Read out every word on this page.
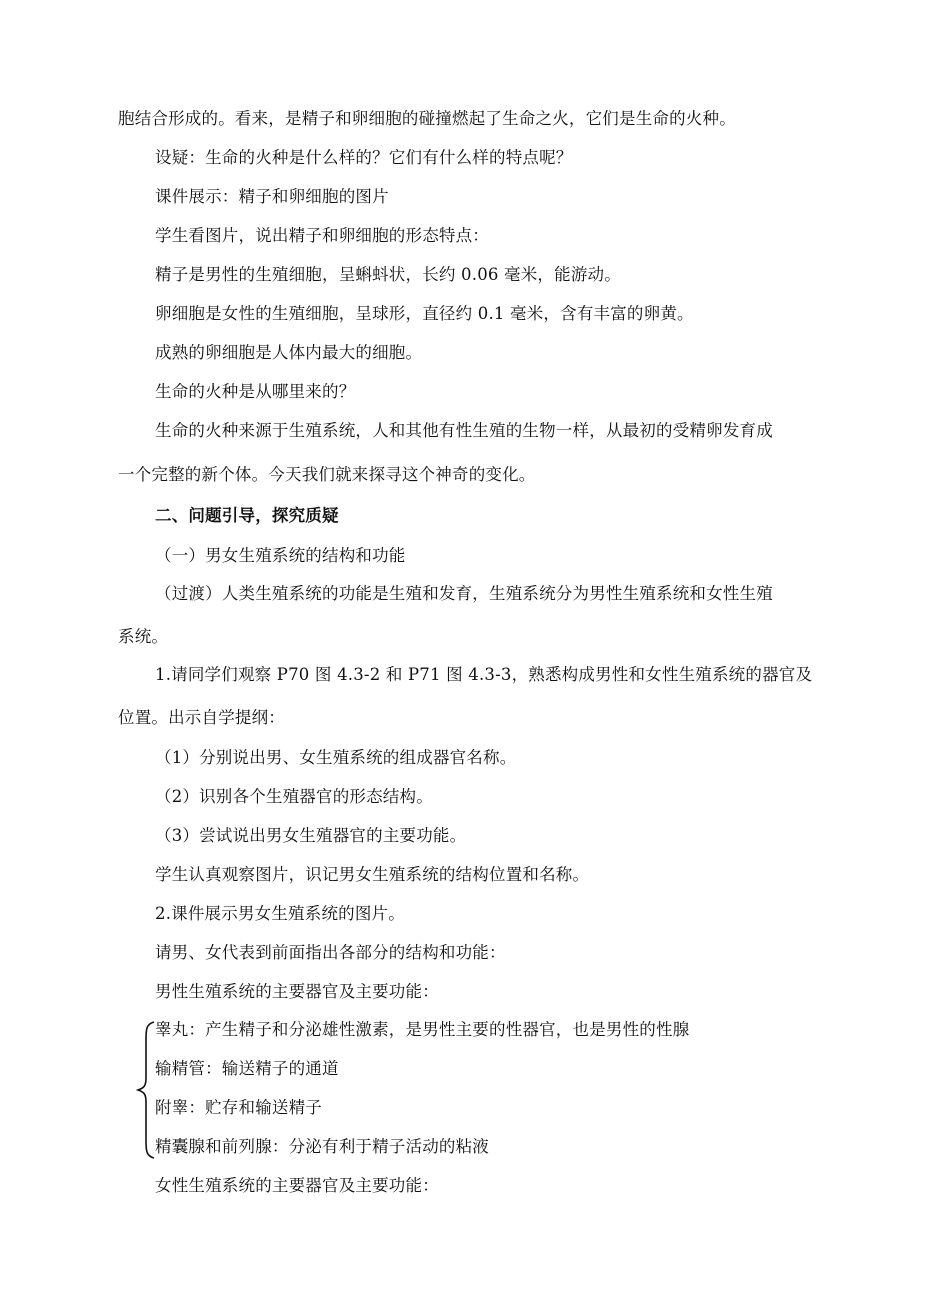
胞结合形成的。看来，是精子和卵细胞的碰撞燃起了生命之火，它们是生命的火种。
设疑：生命的火种是什么样的？它们有什么样的特点呢？
课件展示：精子和卵细胞的图片
学生看图片，说出精子和卵细胞的形态特点：
精子是男性的生殖细胞，呈蝌蚪状，长约 0.06 毫米，能游动。
卵细胞是女性的生殖细胞，呈球形，直径约 0.1 毫米，含有丰富的卵黄。
成熟的卵细胞是人体内最大的细胞。
生命的火种是从哪里来的？
生命的火种来源于生殖系统，人和其他有性生殖的生物一样，从最初的受精卵发育成
一个完整的新个体。今天我们就来探寻这个神奇的变化。
二、问题引导，探究质疑
（一）男女生殖系统的结构和功能
（过渡）人类生殖系统的功能是生殖和发育，生殖系统分为男性生殖系统和女性生殖
系统。
1.请同学们观察 P70 图 4.3-2 和 P71 图 4.3-3，熟悉构成男性和女性生殖系统的器官及
位置。出示自学提纲：
（1）分别说出男、女生殖系统的组成器官名称。
（2）识别各个生殖器官的形态结构。
（3）尝试说出男女生殖器官的主要功能。
学生认真观察图片，识记男女生殖系统的结构位置和名称。
2.课件展示男女生殖系统的图片。
请男、女代表到前面指出各部分的结构和功能：
男性生殖系统的主要器官及主要功能：
睾丸：产生精子和分泌雄性激素，是男性主要的性器官，也是男性的性腺
输精管：输送精子的通道
附睾：贮存和输送精子
精囊腺和前列腺：分泌有利于精子活动的粘液
女性生殖系统的主要器官及主要功能：
